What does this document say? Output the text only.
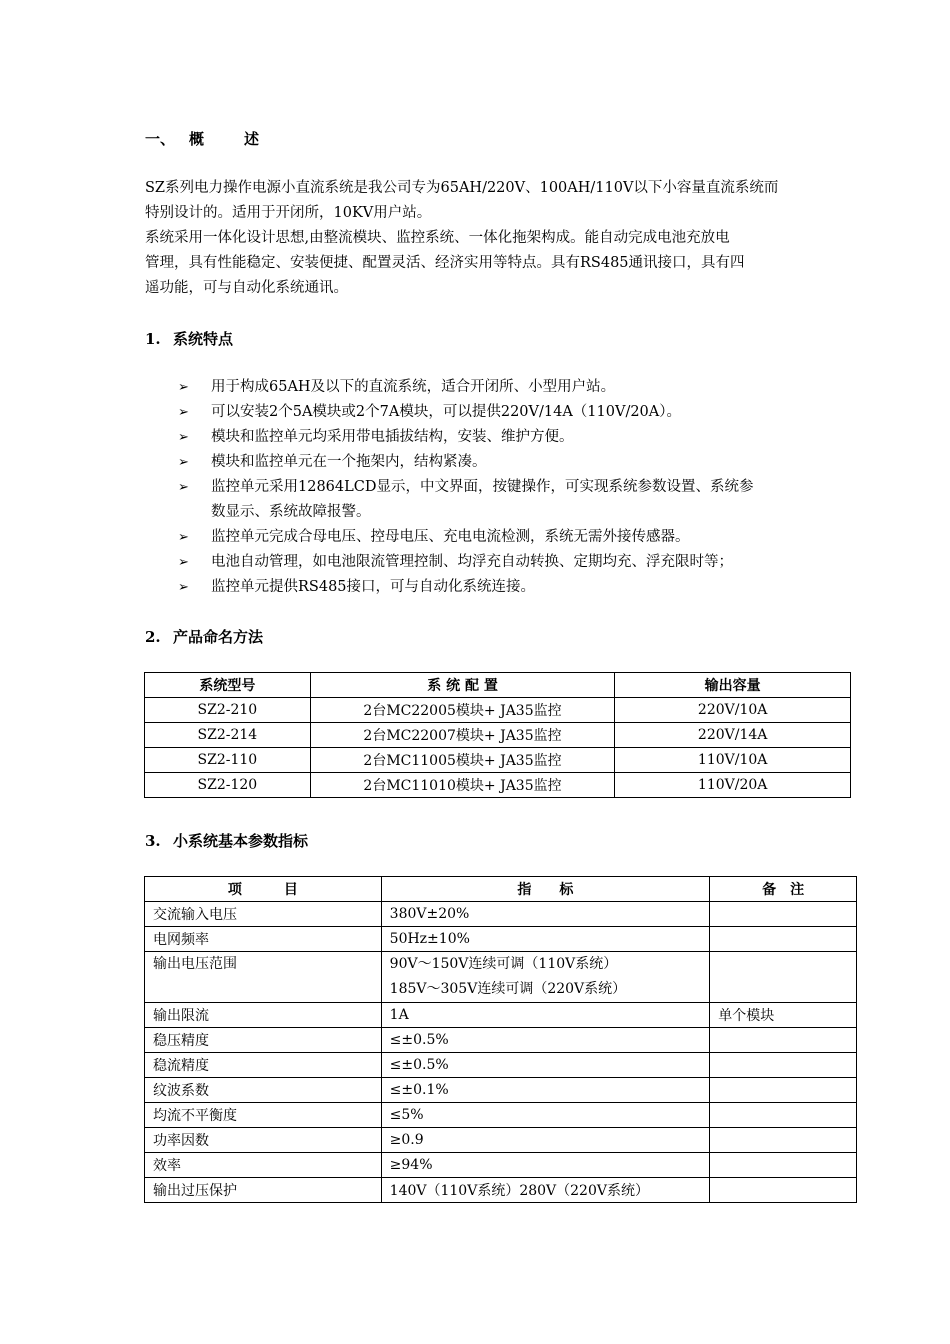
一、 概	述
SZ系列电力操作电源小直流系统是我公司专为65AH/220V、100AH/110V以下小容量直流系统而
特别设计的。适用于开闭所，10KV用户站。
系统采用一体化设计思想,由整流模块、监控系统、一体化拖架构成。能自动完成电池充放电
管理，具有性能稳定、安装便捷、配置灵活、经济实用等特点。具有RS485通讯接口，具有四
遥功能，可与自动化系统通讯。
1. 系统特点
➢ 用于构成65AH及以下的直流系统，适合开闭所、小型用户站。
➢ 可以安装2个5A模块或2个7A模块，可以提供220V/14A（110V/20A）。
➢ 模块和监控单元均采用带电插拔结构，安装、维护方便。
➢ 模块和监控单元在一个拖架内，结构紧凑。
➢ 监控单元采用12864LCD显示，中文界面，按键操作，可实现系统参数设置、系统参
数显示、系统故障报警。
➢ 监控单元完成合母电压、控母电压、充电电流检测，系统无需外接传感器。
➢ 电池自动管理，如电池限流管理控制、均浮充自动转换、定期均充、浮充限时等；
➢ 监控单元提供RS485接口，可与自动化系统连接。
2. 产品命名方法
系统型号	系 统 配 置	输出容量
SZ2-210	2台MC22005模块+ JA35监控	220V/10A
SZ2-214	2台MC22007模块+ JA35监控	220V/14A
SZ2-110	2台MC11005模块+ JA35监控	110V/10A
SZ2-120	2台MC11010模块+ JA35监控	110V/20A
3. 小系统基本参数指标
项　　　目	指　　标	备　注
交流输入电压	380V±20%	
电网频率	50Hz±10%	
输出电压范围	90V～150V连续可调（110V系统）
185V～305V连续可调（220V系统）	

输出限流	1A	单个模块
稳压精度	≤±0.5%	
稳流精度	≤±0.5%	
纹波系数	≤±0.1%	
均流不平衡度	≤5%	
功率因数	≥0.9	
效率	≥94%	
输出过压保护	140V（110V系统）280V（220V系统）	
